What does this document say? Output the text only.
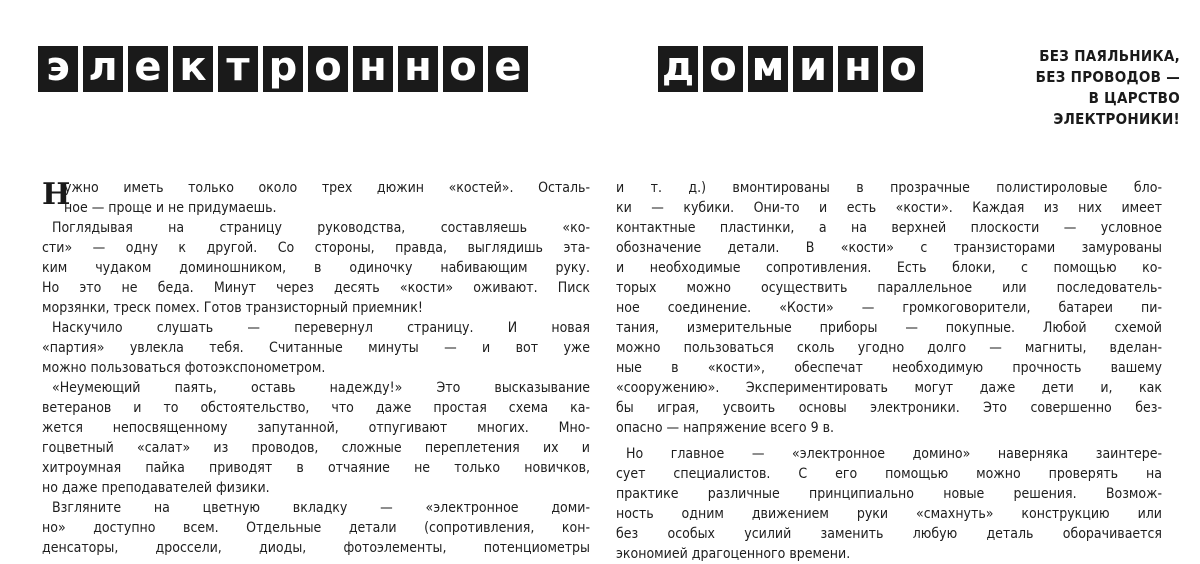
э л е к т р о н н о е	д о м и н о	БЕЗ ПАЯЛЬНИКА,
БЕЗ ПРОВОДОВ —
В ЦАРСТВО
ЭЛЕКТРОНИКИ!
Н
ужно иметь только около трех дюжин «костей». Осталь-
ное — проще и не придумаешь.
Поглядывая на страницу руководства, составляешь «ко-
сти» — одну к другой. Со стороны, правда, выглядишь эта-
ким чудаком доминошником, в одиночку набивающим руку.
Но это не беда. Минут через десять «кости» оживают. Писк
морзянки, треск помех. Готов транзисторный приемник!
Наскучило слушать — перевернул страницу. И новая
«партия» увлекла тебя. Считанные минуты — и вот уже
можно пользоваться фотоэкспонометром.
«Неумеющий паять, оставь надежду!» Это высказывание
ветеранов и то обстоятельство, что даже простая схема ка-
жется непосвященному запутанной, отпугивают многих. Мно-
гоцветный «салат» из проводов, сложные переплетения их и
хитроумная пайка приводят в отчаяние не только новичков,
но даже преподавателей физики.
Взгляните на цветную вкладку — «электронное доми-
но» доступно всем. Отдельные детали (сопротивления, кон-
денсаторы, дроссели, диоды, фотоэлементы, потенциометры
и т. д.) вмонтированы в прозрачные полистироловые бло-
ки — кубики. Они-то и есть «кости». Каждая из них имеет
контактные пластинки, а на верхней плоскости — условное
обозначение детали. В «кости» с транзисторами замурованы
и необходимые сопротивления. Есть блоки, с помощью ко-
торых можно осуществить параллельное или последователь-
ное соединение. «Кости» — громкоговорители, батареи пи-
тания, измерительные приборы — покупные. Любой схемой
можно пользоваться сколь угодно долго — магниты, вделан-
ные в «кости», обеспечат необходимую прочность вашему
«сооружению». Экспериментировать могут даже дети и, как
бы играя, усвоить основы электроники. Это совершенно без-
опасно — напряжение всего 9 в.
Но главное — «электронное домино» наверняка заинтере-
сует специалистов. С его помощью можно проверять на
практике различные принципиально новые решения. Возмож-
ность одним движением руки «смахнуть» конструкцию или
без особых усилий заменить любую деталь оборачивается
экономией драгоценного времени.
